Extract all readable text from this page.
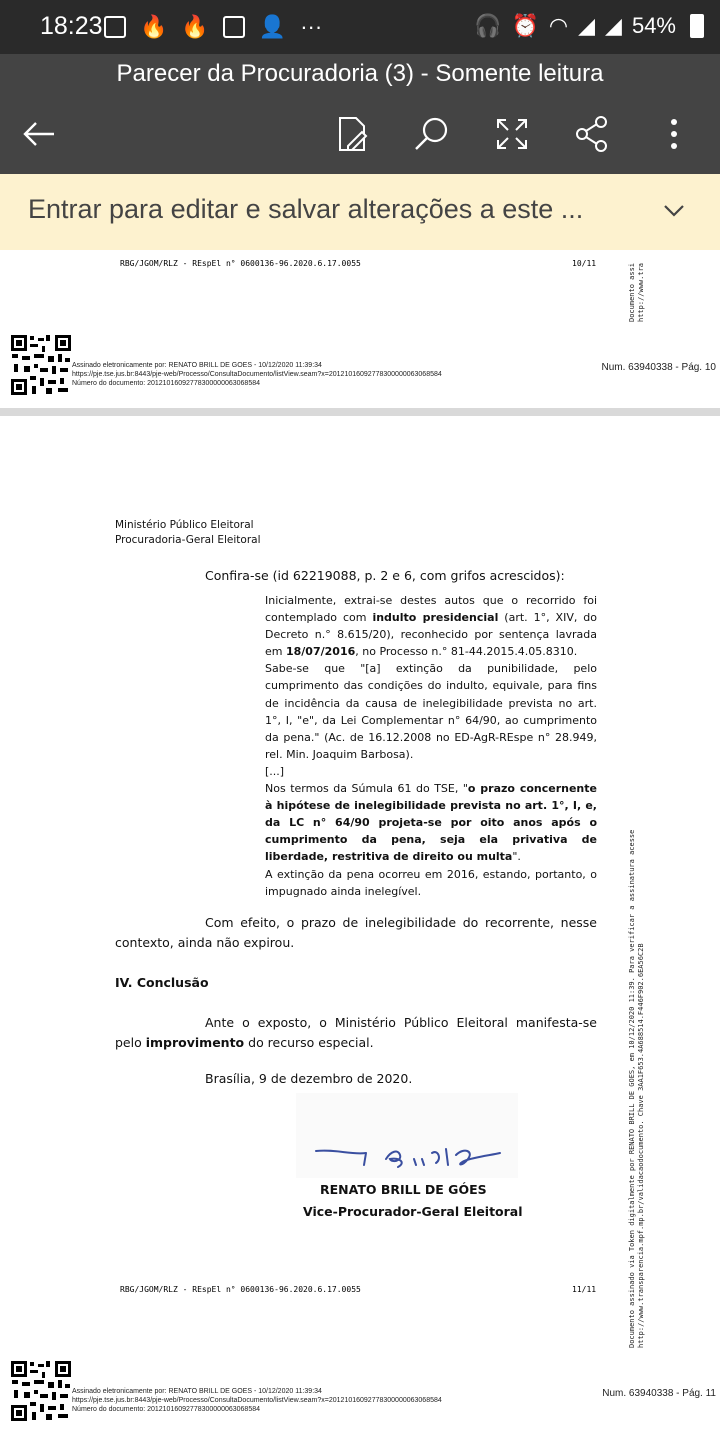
18:23 🔥 🔥 👤 ···	🎧 ⏰ ◠ ◢ ◢ 54%
Parecer da Procuradoria (3) - Somente leitura
Entrar para editar e salvar alterações a este ...
RBG/JGOM/RLZ - REspEl n° 0600136-96.2020.6.17.0055	10/11	Documento assi
http://www.tra
Assinado eletronicamente por: RENATO BRILL DE GOES - 10/12/2020 11:39:34
https://pje.tse.jus.br:8443/pje-web/Processo/ConsultaDocumento/listView.seam?x=20121016092778300000063068584
Número do documento: 20121016092778300000063068584
Num. 63940338 - Pág. 10
Ministério Público Eleitoral
Procuradoria-Geral Eleitoral
Confira-se (id 62219088, p. 2 e 6, com grifos acrescidos):

Inicialmente, extrai-se destes autos que o recorrido foi contemplado com indulto presidencial (art. 1°, XIV, do Decreto n.° 8.615/20), reconhecido por sentença lavrada em 18/07/2016, no Processo n.° 81-44.2015.4.05.8310.

Sabe-se que "[a] extinção da punibilidade, pelo cumprimento das condições do indulto, equivale, para fins de incidência da causa de inelegibilidade prevista no art. 1°, I, "e", da Lei Complementar n° 64/90, ao cumprimento da pena." (Ac. de 16.12.2008 no ED-AgR-REspe n° 28.949, rel. Min. Joaquim Barbosa).

[...]

Nos termos da Súmula 61 do TSE, "o prazo concernente à hipótese de inelegibilidade prevista no art. 1°, I, e, da LC n° 64/90 projeta-se por oito anos após o cumprimento da pena, seja ela privativa de liberdade, restritiva de direito ou multa".

A extinção da pena ocorreu em 2016, estando, portanto, o impugnado ainda inelegível.

Com efeito, o prazo de inelegibilidade do recorrente, nesse contexto, ainda não expirou.
IV. Conclusão
Ante o exposto, o Ministério Público Eleitoral manifesta-se pelo improvimento do recurso especial.
Brasília, 9 de dezembro de 2020.
RENATO BRILL DE GÓES
Vice-Procurador-Geral Eleitoral	Documento assinado via Token digitalmente por RENATO BRILL DE GOES, em 10/12/2020 11:39. Para verificar a assinatura acesse
http://www.transparencia.mpf.mp.br/validacaodocumento. Chave 3AA1F653.4A688514.F446F902.6EA56C2B
RBG/JGOM/RLZ - REspEl n° 0600136-96.2020.6.17.0055	11/11
Assinado eletronicamente por: RENATO BRILL DE GOES - 10/12/2020 11:39:34
https://pje.tse.jus.br:8443/pje-web/Processo/ConsultaDocumento/listView.seam?x=20121016092778300000063068584
Número do documento: 20121016092778300000063068584
Num. 63940338 - Pág. 11
